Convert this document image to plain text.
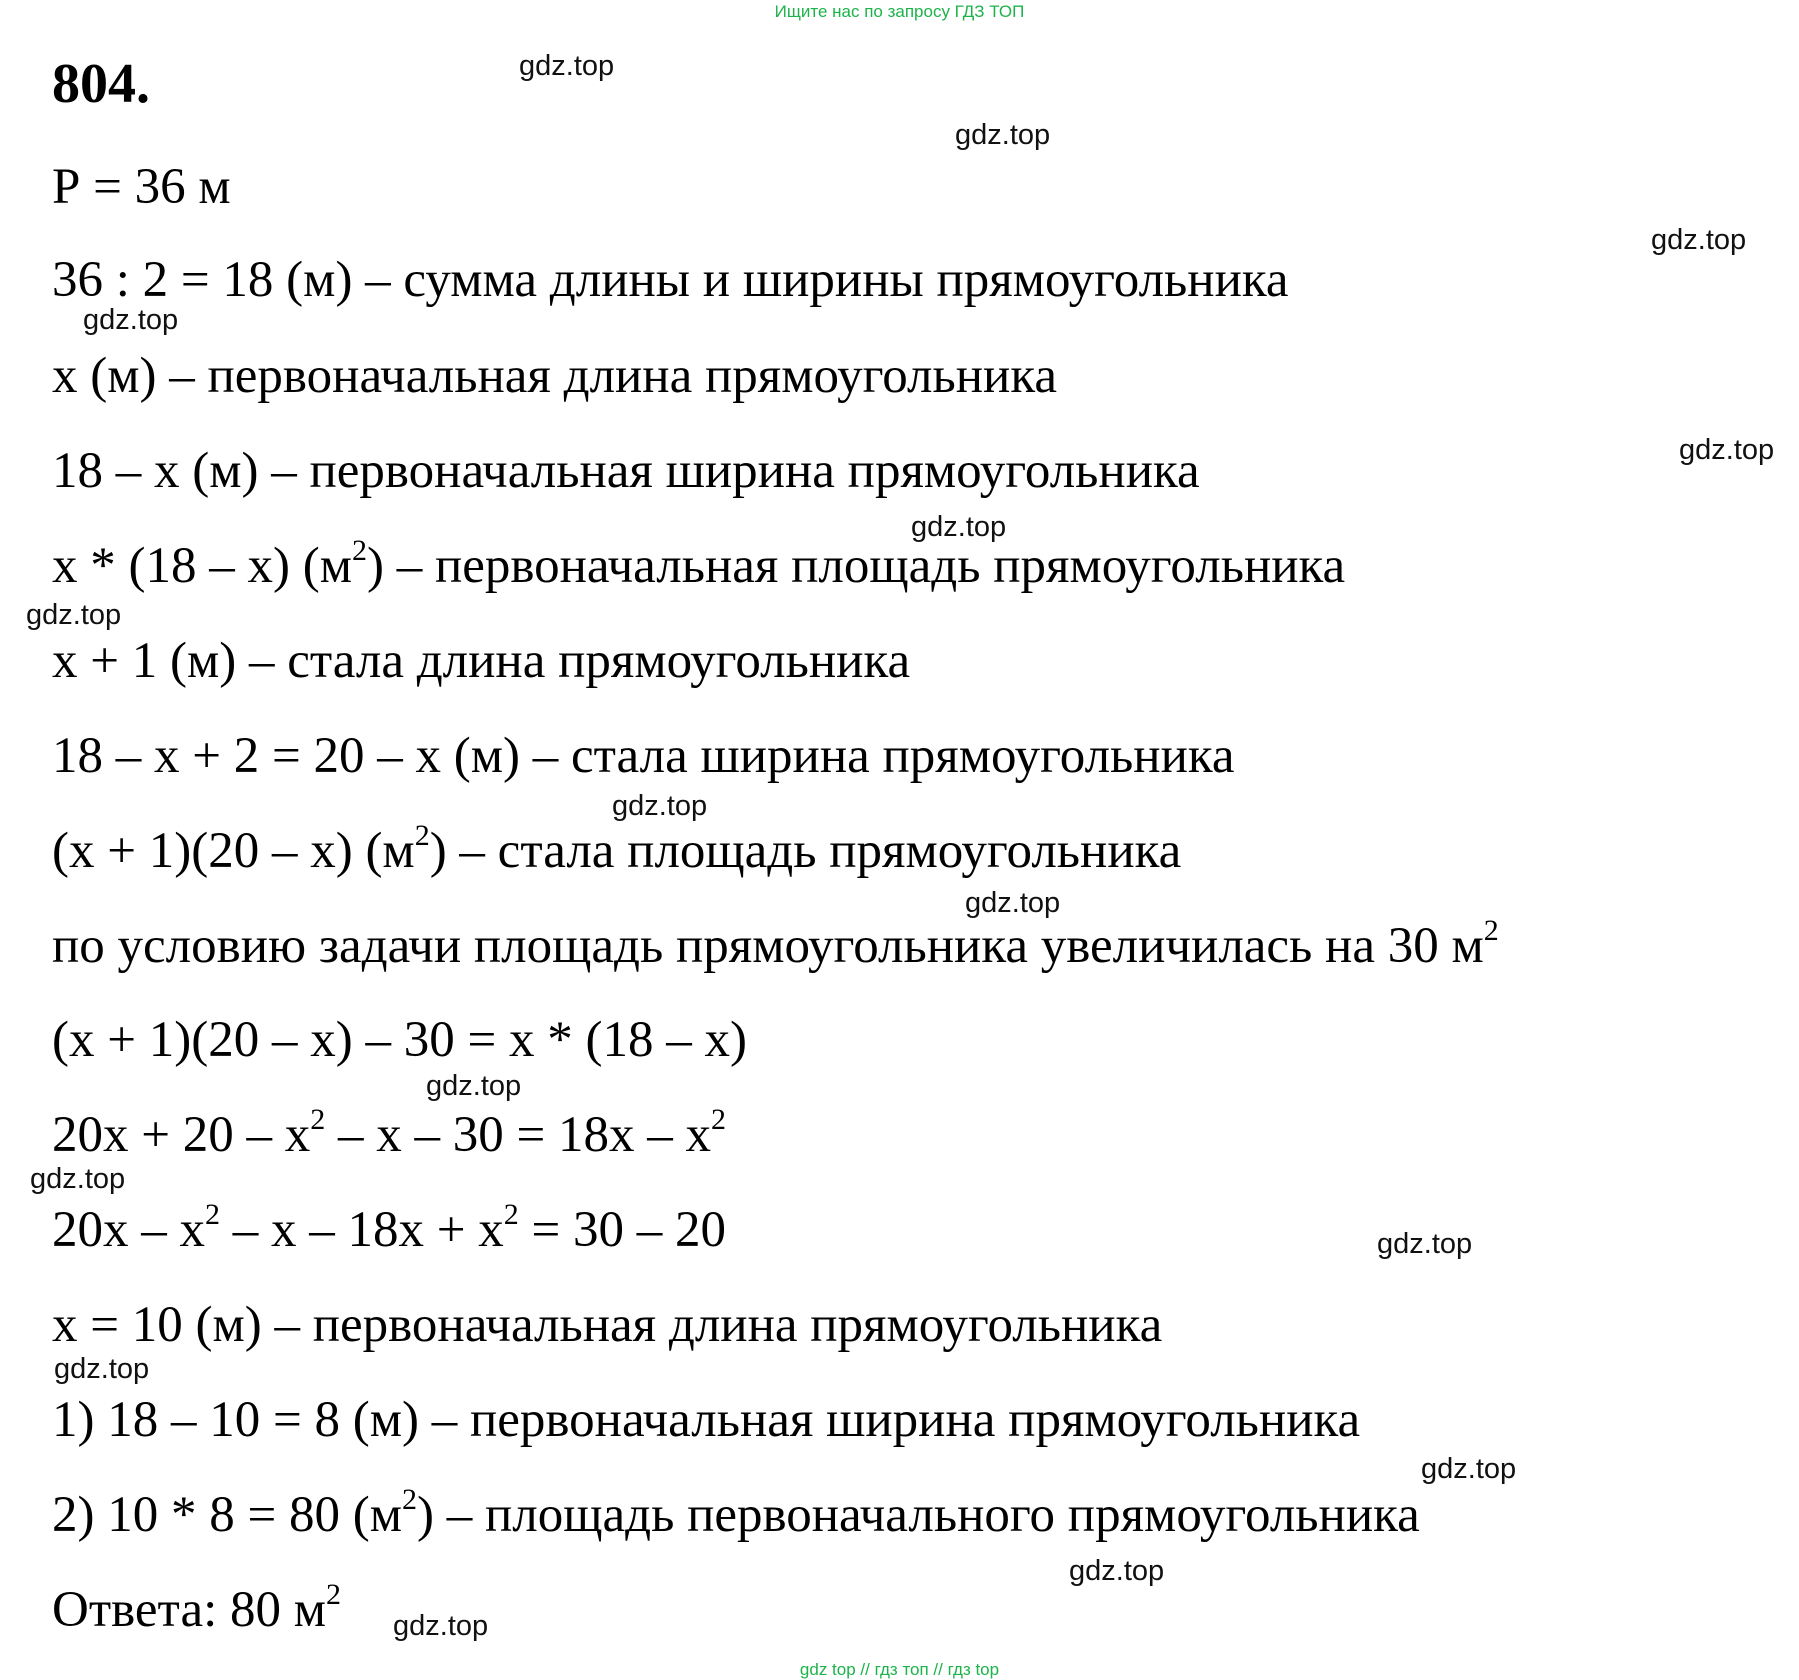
Ищите нас по запросу ГДЗ ТОП
804.
Р = 36 м
36 : 2 = 18 (м) – сумма длины и ширины прямоугольника
x (м) – первоначальная длина прямоугольника
18 – x (м) – первоначальная ширина прямоугольника
x * (18 – x) $(м^2)$ – первоначальная площадь прямоугольника
x + 1 (м) – стала длина прямоугольника
18 – x + 2 = 20 – x (м) – стала ширина прямоугольника
(x + 1)(20 – x) $(м^2)$ – стала площадь прямоугольника
по условию задачи площадь прямоугольника увеличилась на 30 $м^2$
(x + 1)(20 – x) – 30 = x * (18 – x)
$20x + 20 - x^2 - x - 30 = 18x - x^2$
$20x - x^2 - x - 18x + x^2 = 30 - 20$
x = 10 (м) – первоначальная длина прямоугольника
1) 18 – 10 = 8 (м) – первоначальная ширина прямоугольника
2) 10 * 8 = 80 $(м^2)$ – площадь первоначального прямоугольника
Ответа: 80 $м^2$
gdz.top
gdz.top
gdz.top
gdz.top
gdz.top
gdz.top
gdz.top
gdz.top
gdz.top
gdz.top
gdz.top
gdz.top
gdz.top
gdz.top
gdz.top
gdz.top
gdz top // гдз топ // гдз top
